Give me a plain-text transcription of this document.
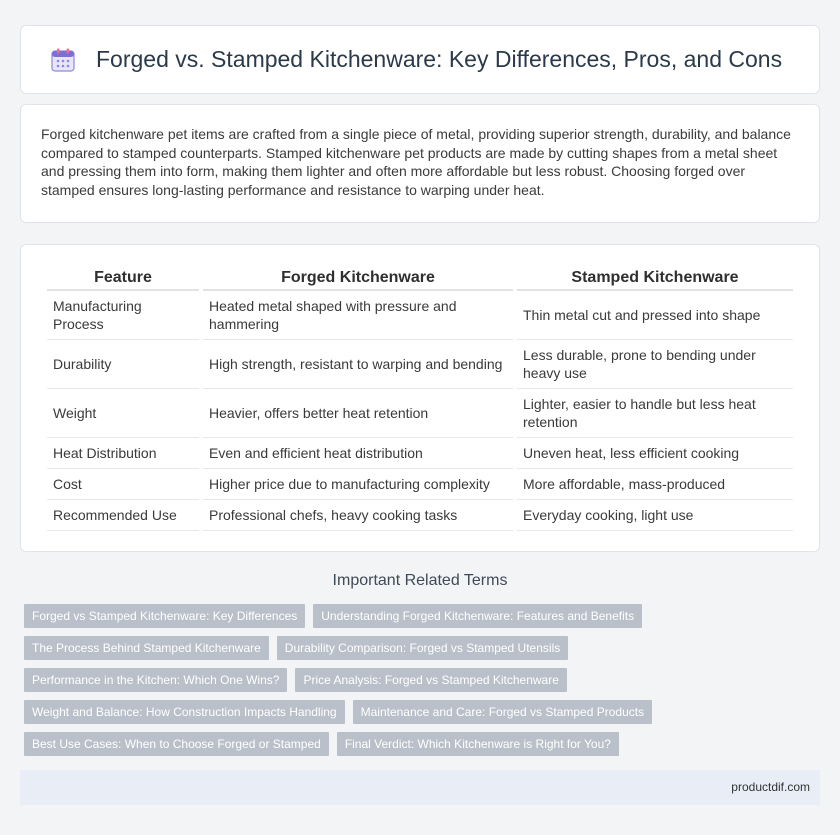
Forged vs. Stamped Kitchenware: Key Differences, Pros, and Cons

Forged kitchenware pet items are crafted from a single piece of metal, providing superior strength, durability, and balance compared to stamped counterparts. Stamped kitchenware pet products are made by cutting shapes from a metal sheet and pressing them into form, making them lighter and often more affordable but less robust. Choosing forged over stamped ensures long-lasting performance and resistance to warping under heat.

Feature	Forged Kitchenware	Stamped Kitchenware
Manufacturing Process	Heated metal shaped with pressure and hammering	Thin metal cut and pressed into shape
Durability	High strength, resistant to warping and bending	Less durable, prone to bending under heavy use
Weight	Heavier, offers better heat retention	Lighter, easier to handle but less heat retention
Heat Distribution	Even and efficient heat distribution	Uneven heat, less efficient cooking
Cost	Higher price due to manufacturing complexity	More affordable, mass-produced
Recommended Use	Professional chefs, heavy cooking tasks	Everyday cooking, light use
Important Related Terms
Forged vs Stamped Kitchenware: Key Differences	Understanding Forged Kitchenware: Features and Benefits
The Process Behind Stamped Kitchenware	Durability Comparison: Forged vs Stamped Utensils
Performance in the Kitchen: Which One Wins?	Price Analysis: Forged vs Stamped Kitchenware
Weight and Balance: How Construction Impacts Handling	Maintenance and Care: Forged vs Stamped Products
Best Use Cases: When to Choose Forged or Stamped	Final Verdict: Which Kitchenware is Right for You?
productdif.com
